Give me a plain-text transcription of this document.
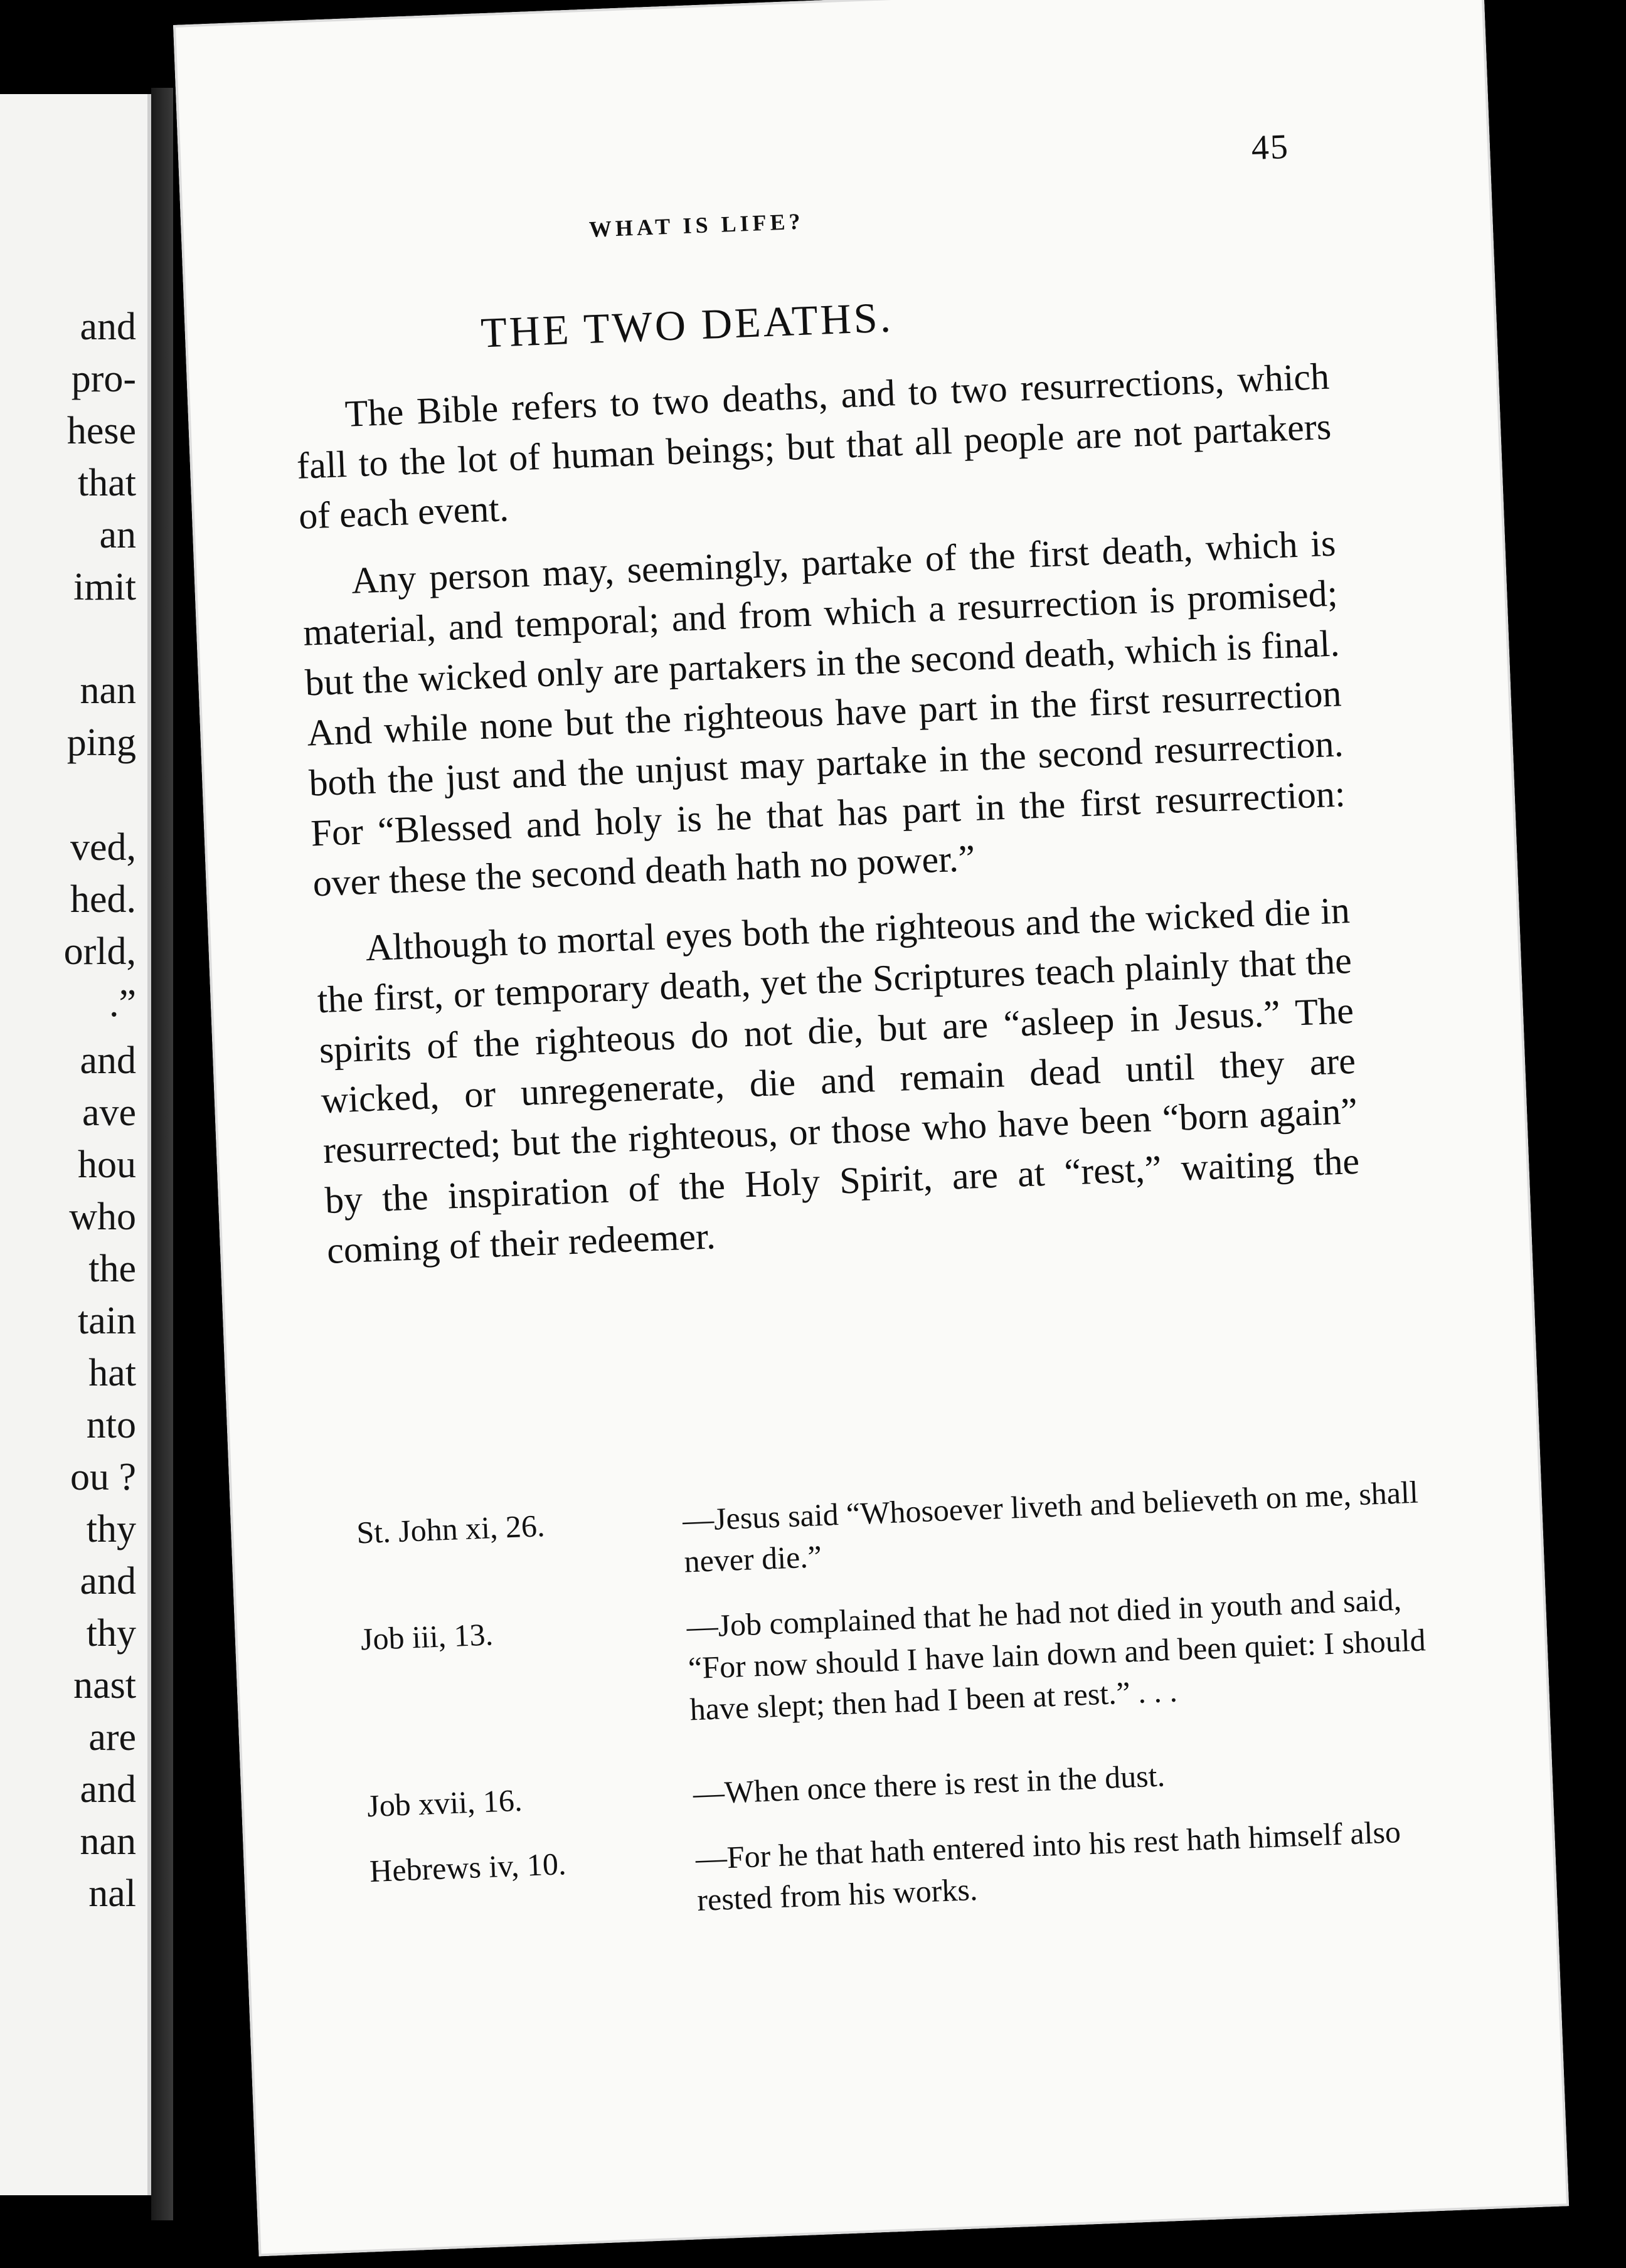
and
pro-
hese
that
an
imit
nan
ping
ved,
hed.
orld,
.”
and
ave
hou
who
the
tain
hat
nto
ou ?
thy
and
thy
nast
are
and
nan
nal
45
WHAT IS LIFE?
THE TWO DEATHS.

The Bible refers to two deaths, and to two resurrections, which fall to the lot of human beings; but that all people are not partakers of each event.

Any person may, seemingly, partake of the first death, which is material, and temporal; and from which a resurrection is promised; but the wicked only are partakers in the second death, which is final. And while none but the righteous have part in the first resurrection both the just and the unjust may partake in the second resurrection. For “Blessed and holy is he that has part in the first resurrection: over these the second death hath no power.”

Although to mortal eyes both the righteous and the wicked die in the first, or temporary death, yet the Scriptures teach plainly that the spirits of the righteous do not die, but are “asleep in Jesus.” The wicked, or unregenerate, die and remain dead until they are resurrected; but the righteous, or those who have been “born again” by the inspiration of the Holy Spirit, are at “rest,” waiting the coming of their redeemer.

St. John xi, 26.	—Jesus said “Whosoever liveth and believeth on me, shall never die.”
Job iii, 13.	—Job complained that he had not died in youth and said, “For now should I have lain down and been quiet: I should have slept; then had I been at rest.” . . .
Job xvii, 16.	—When once there is rest in the dust.
Hebrews iv, 10.	—For he that hath entered into his rest hath himself also rested from his works.
